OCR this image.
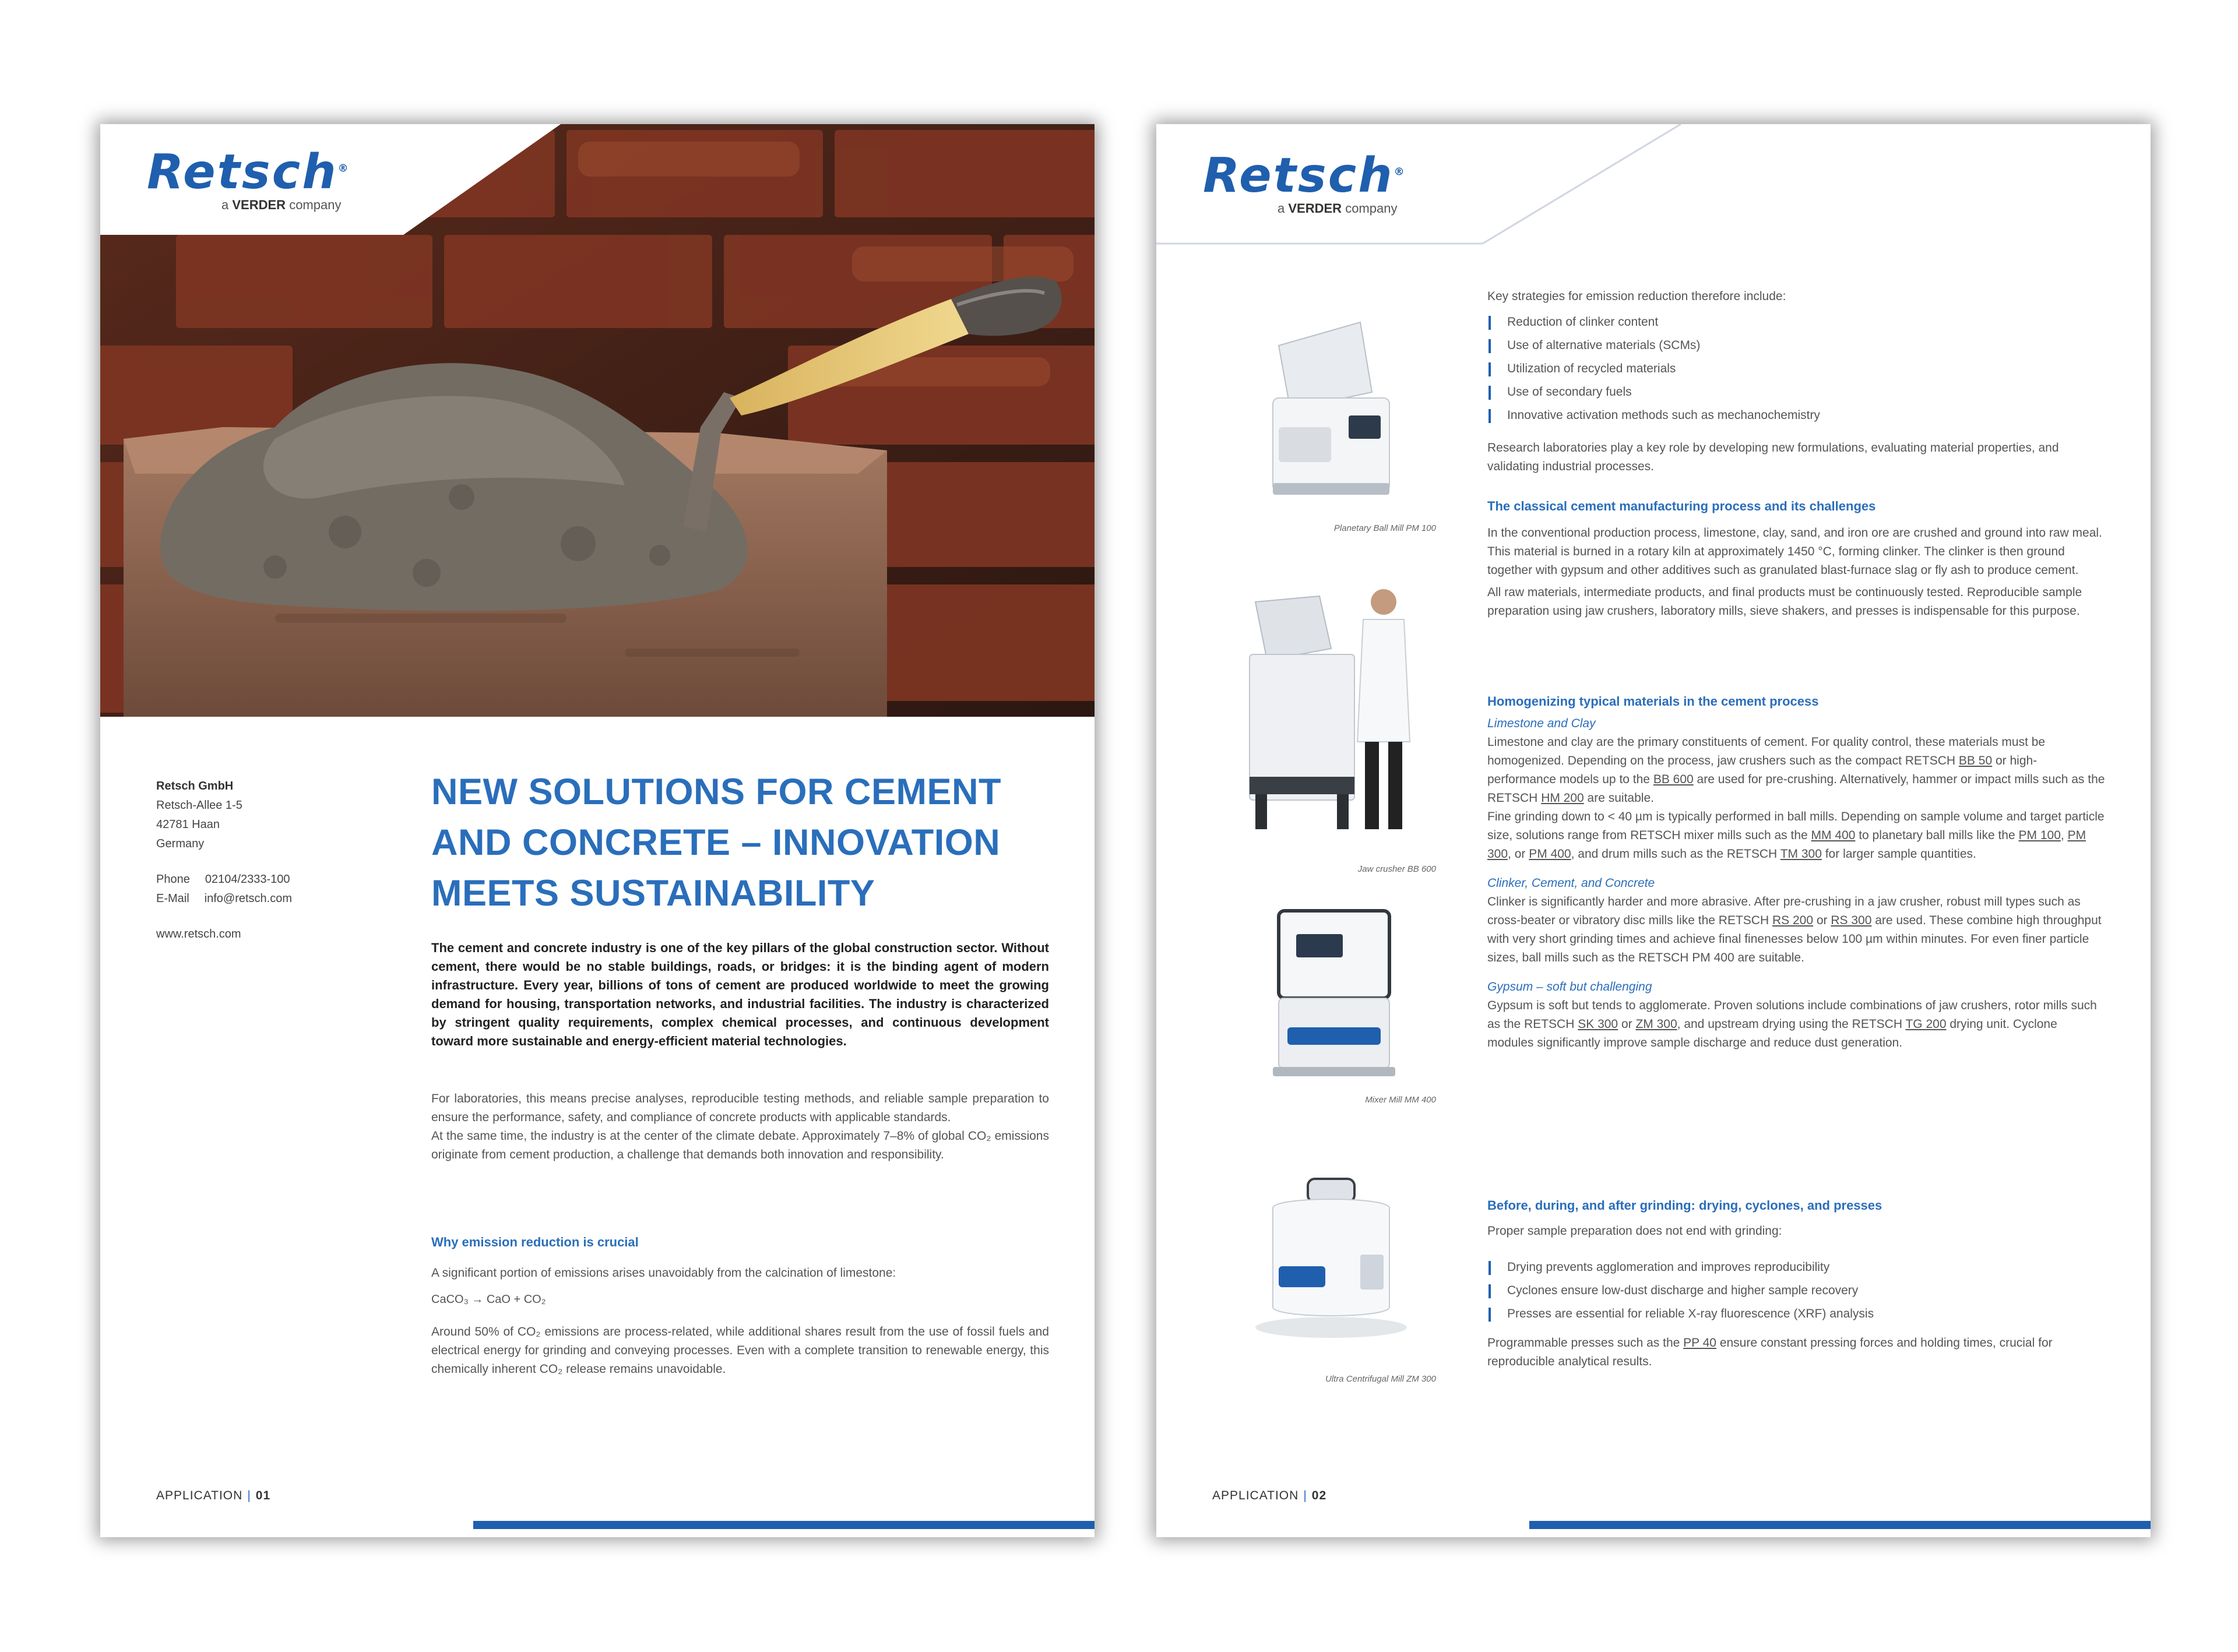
Retsch®
a VERDER company
Retsch GmbH
Retsch-Allee 1-5
42781 Haan
Germany
Phone 02104/2333-100
E-Mail info@retsch.com
www.retsch.com
NEW SOLUTIONS FOR CEMENT
AND CONCRETE – INNOVATION
MEETS SUSTAINABILITY
The cement and concrete industry is one of the key pillars of the global construction sector. Without cement, there would be no stable buildings, roads, or bridges: it is the binding agent of modern infrastructure. Every year, billions of tons of cement are produced worldwide to meet the growing demand for housing, transportation networks, and industrial facilities. The industry is characterized by stringent quality requirements, complex chemical processes, and continuous development toward more sustainable and energy-efficient material technologies.
For laboratories, this means precise analyses, reproducible testing methods, and reliable sample preparation to ensure the performance, safety, and compliance of concrete products with applicable standards.
At the same time, the industry is at the center of the climate debate. Approximately 7–8% of global CO₂ emissions originate from cement production, a challenge that demands both innovation and responsibility.
Why emission reduction is crucial
A significant portion of emissions arises unavoidably from the calcination of limestone:
CaCO₃ → CaO + CO₂
Around 50% of CO₂ emissions are process-related, while additional shares result from the use of fossil fuels and electrical energy for grinding and conveying processes. Even with a complete transition to renewable energy, this chemically inherent CO₂ release remains unavoidable.
APPLICATION | 01
Retsch®
a VERDER company
Planetary Ball Mill PM 100
Jaw crusher BB 600
Mixer Mill MM 400
Ultra Centrifugal Mill ZM 300
Key strategies for emission reduction therefore include:
Reduction of clinker content
Use of alternative materials (SCMs)
Utilization of recycled materials
Use of secondary fuels
Innovative activation methods such as mechanochemistry
Research laboratories play a key role by developing new formulations, evaluating material properties, and validating industrial processes.
The classical cement manufacturing process and its challenges
In the conventional production process, limestone, clay, sand, and iron ore are crushed and ground into raw meal. This material is burned in a rotary kiln at approximately 1450 °C, forming clinker. The clinker is then ground together with gypsum and other additives such as granulated blast-furnace slag or fly ash to produce cement.
All raw materials, intermediate products, and final products must be continuously tested. Reproducible sample preparation using jaw crushers, laboratory mills, sieve shakers, and presses is indispensable for this purpose.
Homogenizing typical materials in the cement process
Limestone and Clay
Limestone and clay are the primary constituents of cement. For quality control, these materials must be homogenized. Depending on the process, jaw crushers such as the compact RETSCH BB 50 or high-performance models up to the BB 600 are used for pre-crushing. Alternatively, hammer or impact mills such as the RETSCH HM 200 are suitable.
Fine grinding down to < 40 µm is typically performed in ball mills. Depending on sample volume and target particle size, solutions range from RETSCH mixer mills such as the MM 400 to planetary ball mills like the PM 100, PM 300, or PM 400, and drum mills such as the RETSCH TM 300 for larger sample quantities.
Clinker, Cement, and Concrete
Clinker is significantly harder and more abrasive. After pre-crushing in a jaw crusher, robust mill types such as cross-beater or vibratory disc mills like the RETSCH RS 200 or RS 300 are used. These combine high throughput with very short grinding times and achieve final finenesses below 100 µm within minutes. For even finer particle sizes, ball mills such as the RETSCH PM 400 are suitable.
Gypsum – soft but challenging
Gypsum is soft but tends to agglomerate. Proven solutions include combinations of jaw crushers, rotor mills such as the RETSCH SK 300 or ZM 300, and upstream drying using the RETSCH TG 200 drying unit. Cyclone modules significantly improve sample discharge and reduce dust generation.
Before, during, and after grinding: drying, cyclones, and presses
Proper sample preparation does not end with grinding:
Drying prevents agglomeration and improves reproducibility
Cyclones ensure low-dust discharge and higher sample recovery
Presses are essential for reliable X-ray fluorescence (XRF) analysis
Programmable presses such as the PP 40 ensure constant pressing forces and holding times, crucial for reproducible analytical results.
APPLICATION | 02
